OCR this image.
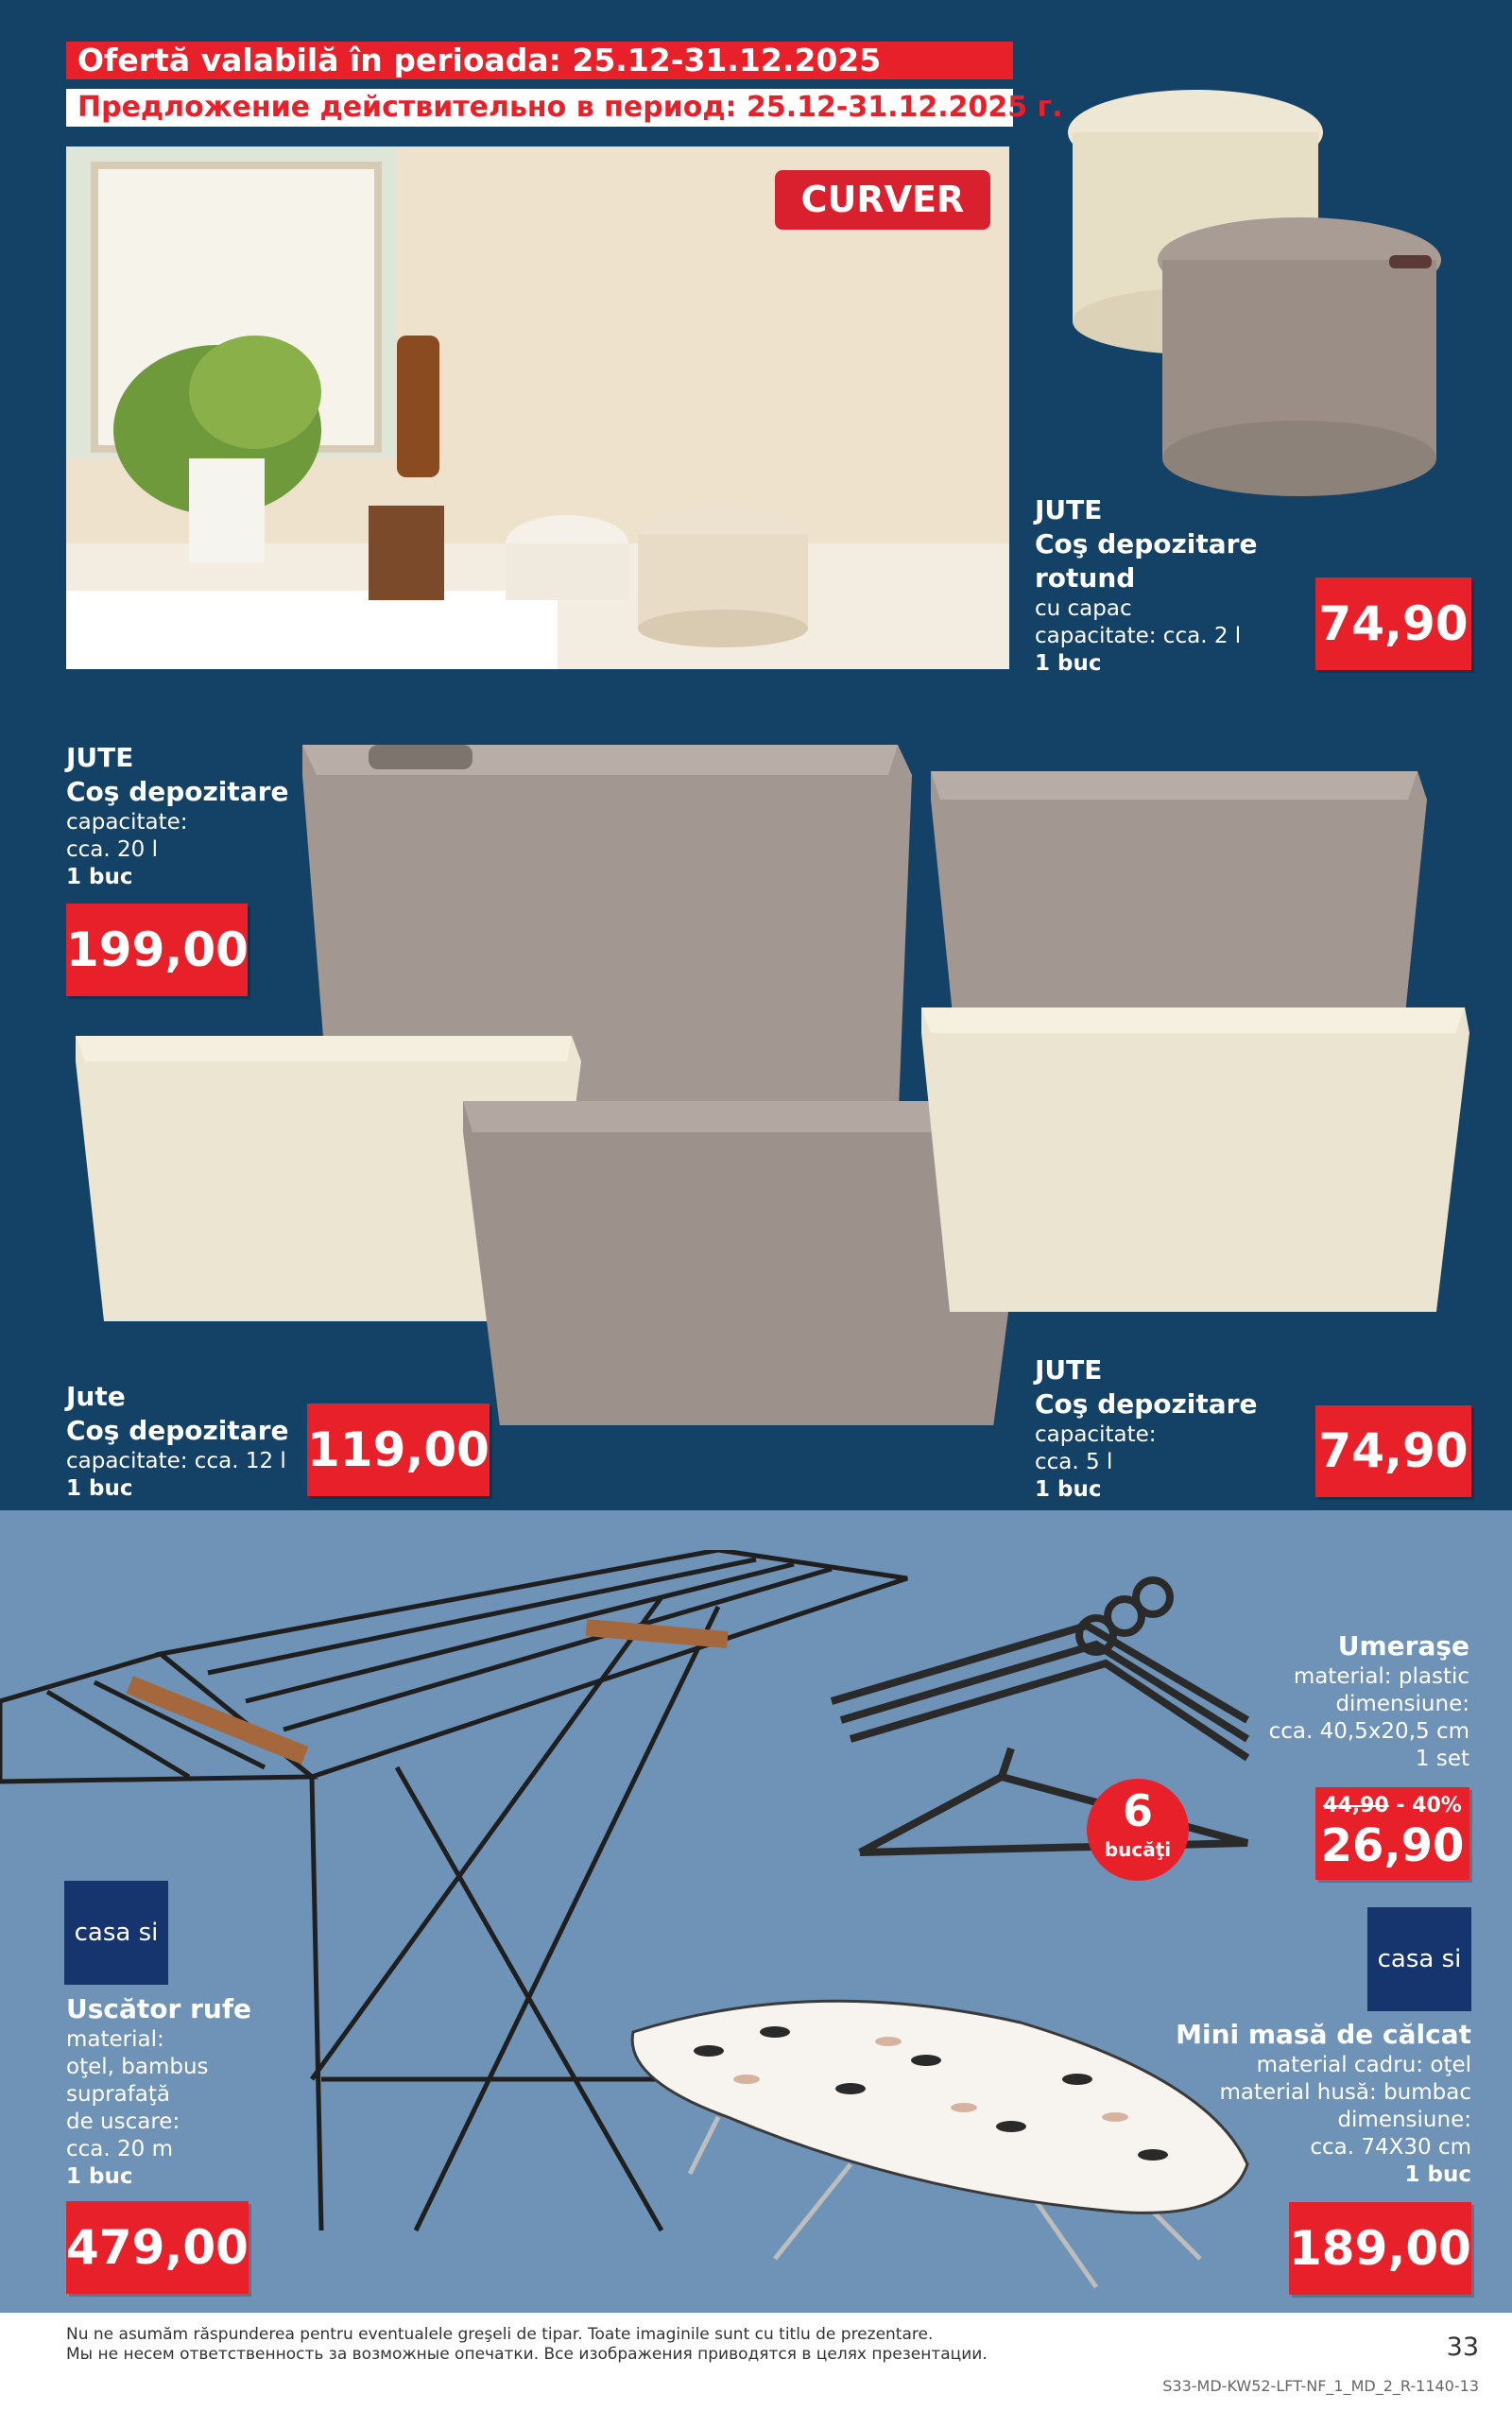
Ofertă valabilă în perioada: 25.12-31.12.2025
Предложение действительно в период: 25.12-31.12.2025 г.
CURVER
JUTE
Coş depozitare rotund
cu capac
capacitate: cca. 2 l
1 buc
74,90
JUTE
Coş depozitare
capacitate:
cca. 20 l
1 buc
199,00
Jute
Coş depozitare
capacitate: cca. 12 l
1 buc
119,00
JUTE
Coş depozitare
capacitate:
cca. 5 l
1 buc
74,90
6
bucăţi
Umeraşe
material: plastic
dimensiune:
cca. 40,5x20,5 cm
1 set
44,90 - 40%
26,90
casa si
Uscător rufe
material:
oţel, bambus
suprafaţă
de uscare:
cca. 20 m
1 buc
479,00
casa si
Mini masă de călcat
material cadru: oţel
material husă: bumbac
dimensiune:
cca. 74X30 cm
1 buc
189,00
Nu ne asumăm răspunderea pentru eventualele greşeli de tipar. Toate imaginile sunt cu titlu de prezentare.
Мы не несем ответственность за возможные опечатки. Все изображения приводятся в целях презентации.	33
S33-MD-KW52-LFT-NF_1_MD_2_R-1140-13
